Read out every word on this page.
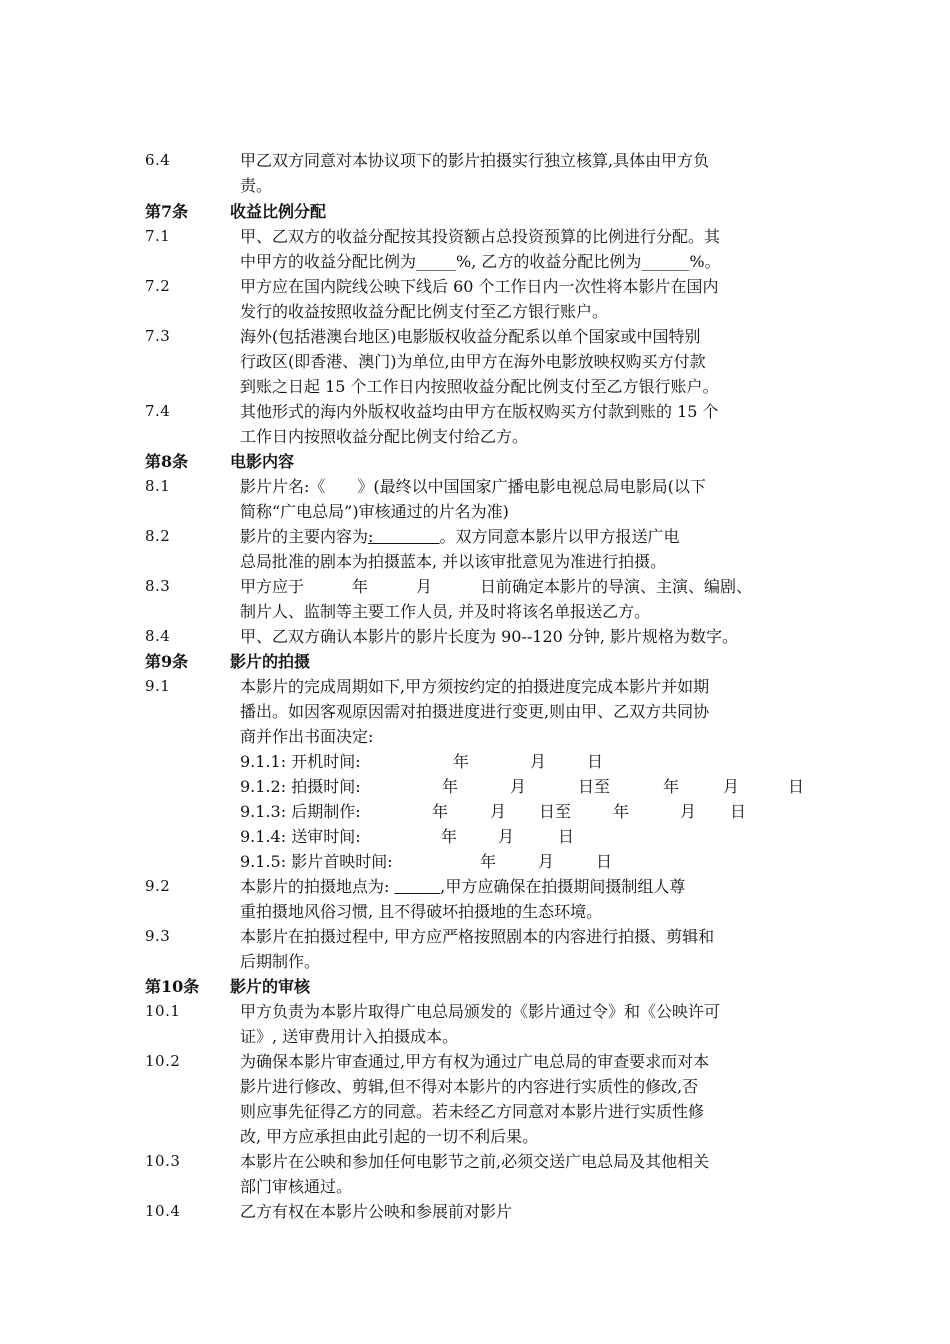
6.4	甲乙双方同意对本协议项下的影片拍摄实行独立核算,具体由甲方负

责。

第7条	收益比例分配
7.1	甲、乙双方的收益分配按其投资额占总投资预算的比例进行分配。其

中甲方的收益分配比例为_____%, 乙方的收益分配比例为______%。

7.2	甲方应在国内院线公映下线后 60 个工作日内一次性将本影片在国内

发行的收益按照收益分配比例支付至乙方银行账户。

7.3	海外(包括港澳台地区)电影版权收益分配系以单个国家或中国特别

行政区(即香港、澳门)为单位,由甲方在海外电影放映权购买方付款

到账之日起 15 个工作日内按照收益分配比例支付至乙方银行账户。

7.4	其他形式的海内外版权收益均由甲方在版权购买方付款到账的 15 个

工作日内按照收益分配比例支付给乙方。

第8条	电影内容
8.1	影片片名:《　　》(最终以中国国家广播电影电视总局电影局(以下

简称“广电总局”)审核通过的片名为准)

8.2	影片的主要内容为:             。双方同意本影片以甲方报送广电

总局批准的剧本为拍摄蓝本, 并以该审批意见为准进行拍摄。

8.3	甲方应于　　　年　　　月　　　日前确定本影片的导演、主演、编剧、

制片人、监制等主要工作人员, 并及时将该名单报送乙方。

8.4	甲、乙双方确认本影片的影片长度为 90--120 分钟, 影片规格为数字。

第9条	影片的拍摄
9.1	本影片的完成周期如下,甲方须按约定的拍摄进度完成本影片并如期

播出。如因客观原因需对拍摄进度进行变更,则由甲、乙双方共同协

商并作出书面决定:

9.1.1: 开机时间:	年	月	日
9.1.2: 拍摄时间:	年	月	日至	年	月	日
9.1.3: 后期制作:	年	月 日至	年	月 日
9.1.4: 送审时间:	年	月	日
9.1.5: 影片首映时间:	年	月	日
9.2	本影片的拍摄地点为:	,甲方应确保在拍摄期间摄制组人尊

重拍摄地风俗习惯, 且不得破坏拍摄地的生态环境。

9.3	本影片在拍摄过程中, 甲方应严格按照剧本的内容进行拍摄、剪辑和

后期制作。

第10条 影片的审核
10.1	甲方负责为本影片取得广电总局颁发的《影片通过令》和《公映许可

证》, 送审费用计入拍摄成本。

10.2	为确保本影片审查通过,甲方有权为通过广电总局的审查要求而对本

影片进行修改、剪辑,但不得对本影片的内容进行实质性的修改,否

则应事先征得乙方的同意。若未经乙方同意对本影片进行实质性修

改, 甲方应承担由此引起的一切不利后果。

10.3	本影片在公映和参加任何电影节之前,必须交送广电总局及其他相关

部门审核通过。

10.4	乙方有权在本影片公映和参展前对影片
